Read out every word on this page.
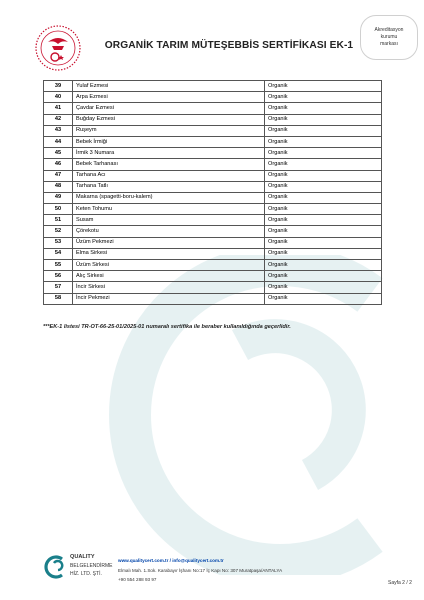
ORGANİK TARIM MÜTEŞEBBİS SERTİFİKASI EK-1
Akreditasyon
kurumu
markası
39	Yulaf Ezmesi	Organik
40	Arpa Ezmesi	Organik
41	Çavdar Ezmesi	Organik
42	Buğday Ezmesi	Organik
43	Ruşeym	Organik
44	Bebek İrmiği	Organik
45	İrmik 3 Numara	Organik
46	Bebek Tarhanası	Organik
47	Tarhana Acı	Organik
48	Tarhana Tatlı	Organik
49	Makarna (spagetti-boru-kalem)	Organik
50	Keten Tohumu	Organik
51	Susam	Organik
52	Çörekotu	Organik
53	Üzüm Pekmezi	Organik
54	Elma Sirkesi	Organik
55	Üzüm Sirkesi	Organik
56	Alıç Sirkesi	Organik
57	İncir Sirkesi	Organik
58	İncir Pekmezi	Organik
***EK-1 listesi TR-OT-66-25-01/2025-01 numaralı sertifika ile beraber kullanıldığında geçerlidir.
QUALITY
BELGELENDİRME
HİZ. LTD. ŞTİ.
www.qualitycert.com.tr / info@qualitycert.com.tr
Elmalı Mah. 1.Sok. Karabayır İşhanı No:17 İç Kapı No: 307 Muratpaşa/ANTALYA
+90 554 288 93 97
Sayfa 2 / 2
